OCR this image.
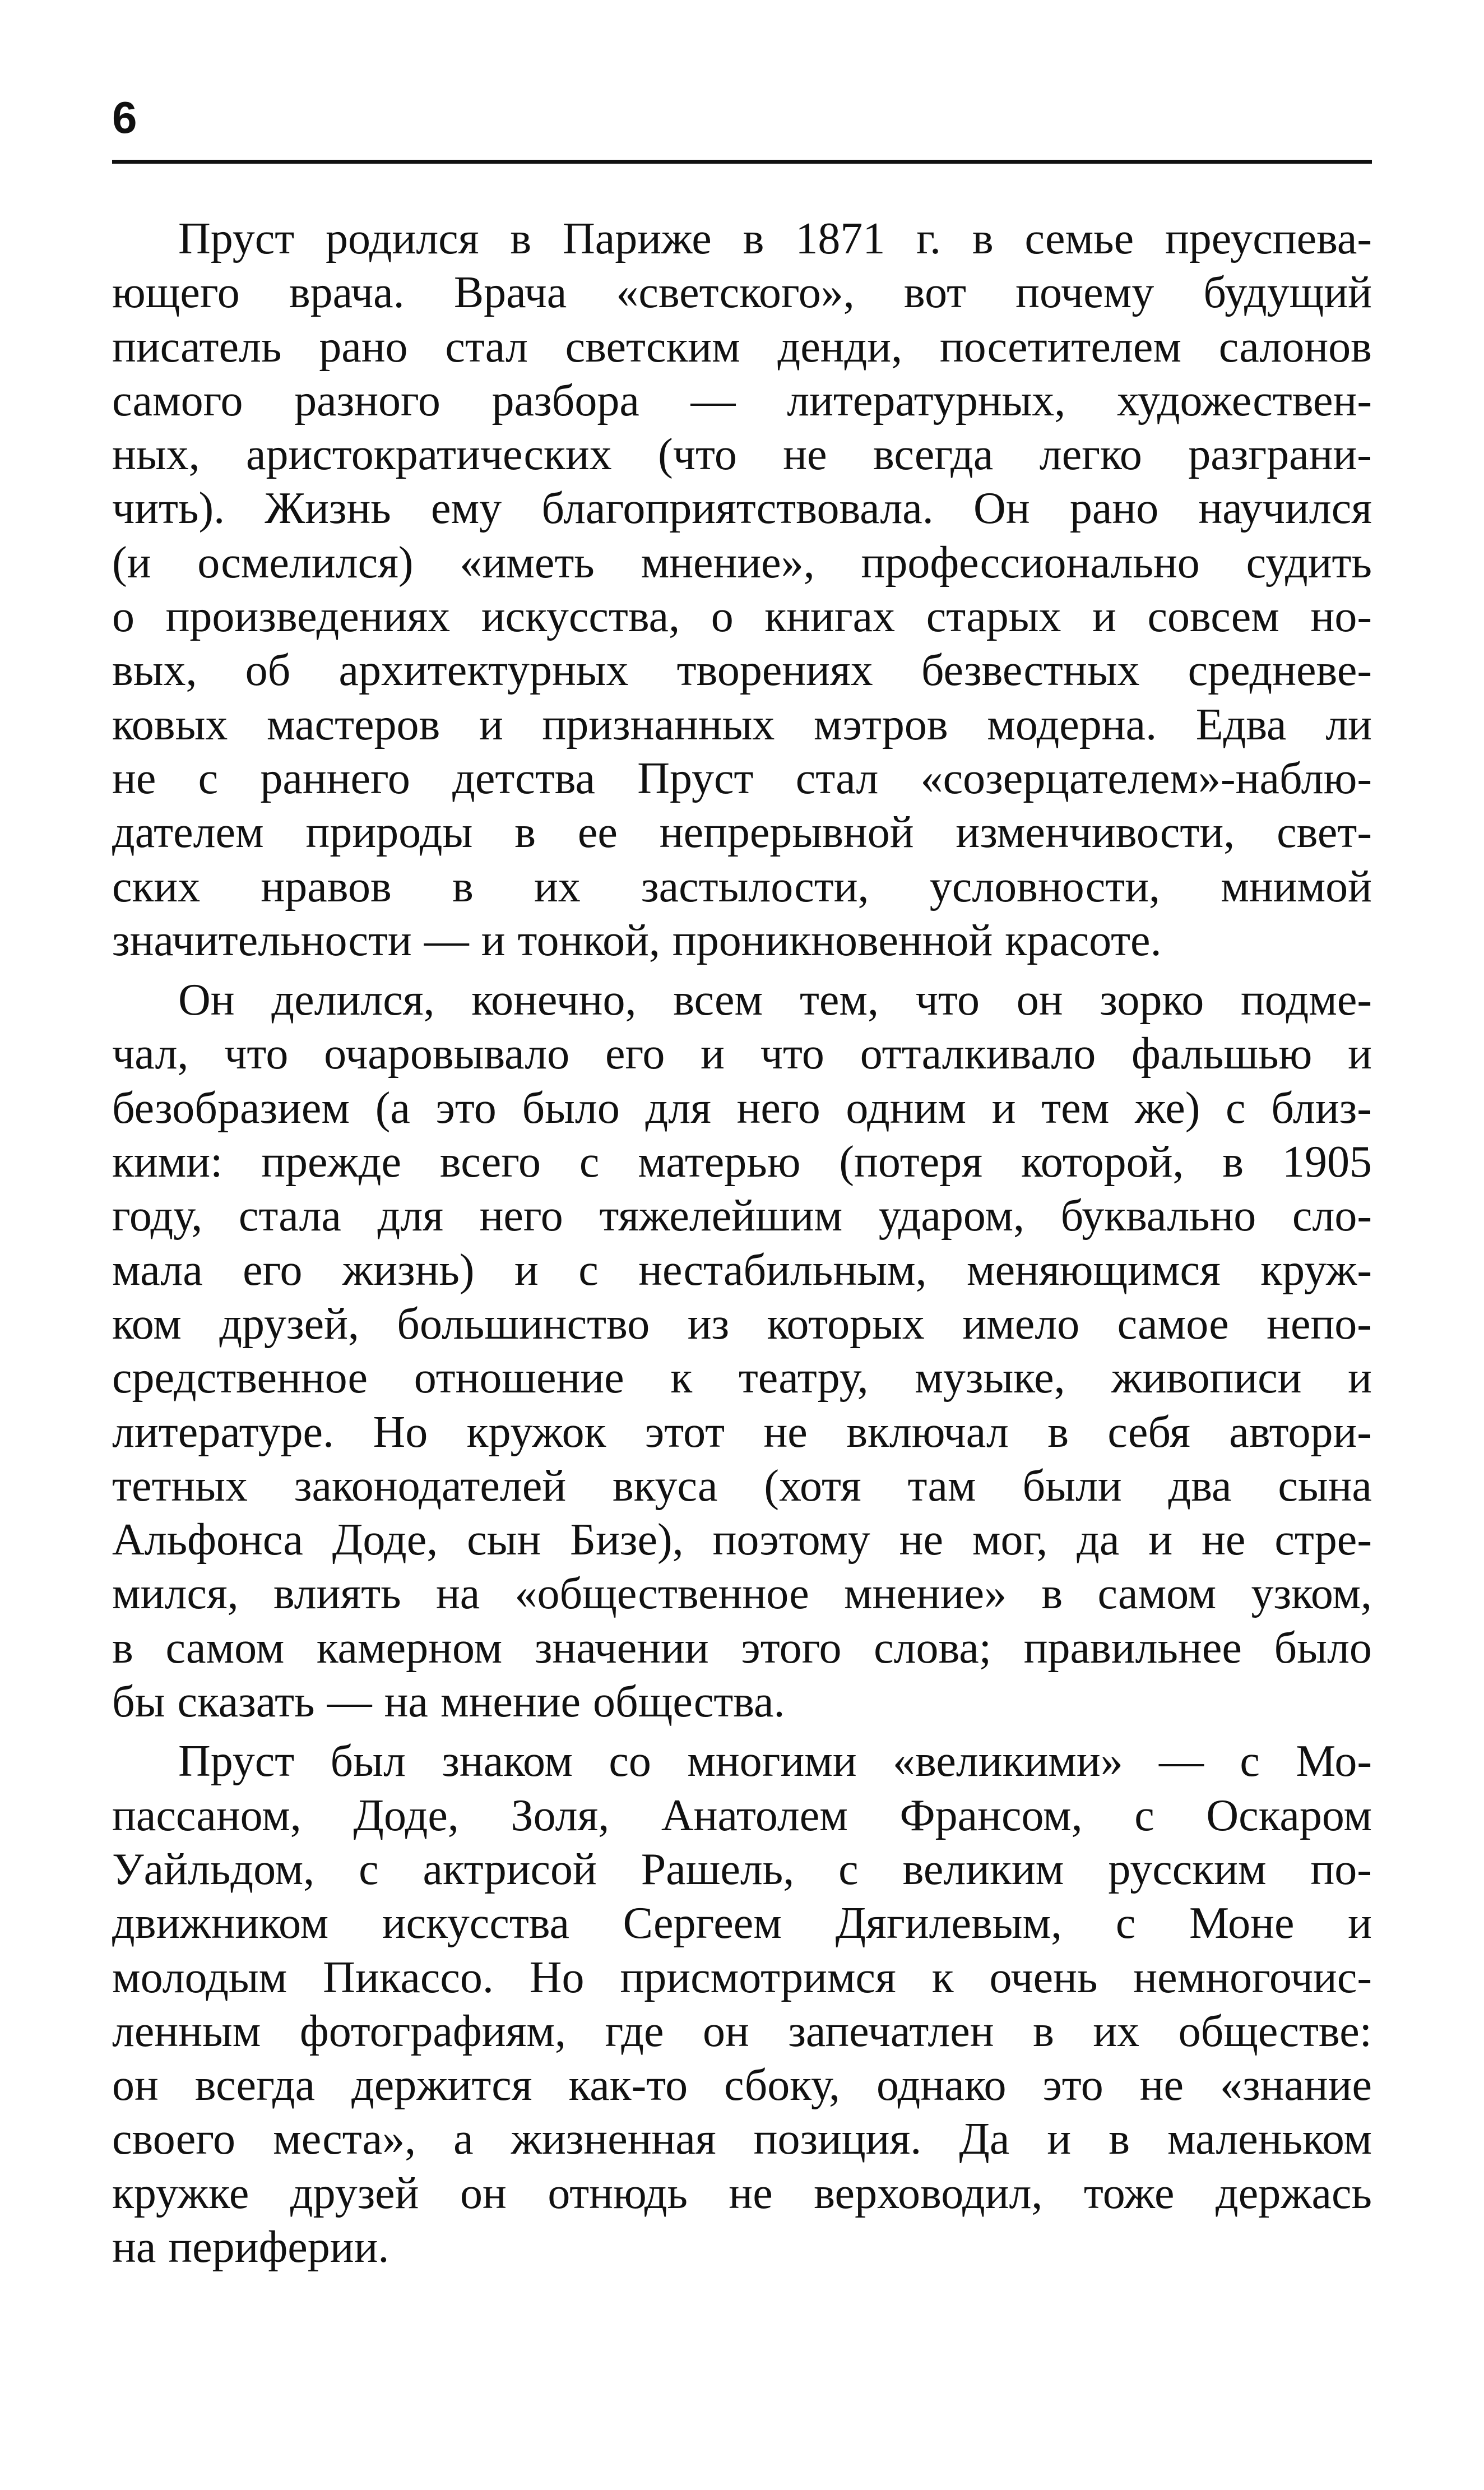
6
Пруст родился в Париже в 1871 г. в семье преуспева-
ющего врача. Врача «светского», вот почему будущий
писатель рано стал светским денди, посетителем салонов
самого разного разбора — литературных, художествен-
ных, аристократических (что не всегда легко разграни-
чить). Жизнь ему благоприятствовала. Он рано научился
(и осмелился) «иметь мнение», профессионально судить
о произведениях искусства, о книгах старых и совсем но-
вых, об архитектурных творениях безвестных средневе-
ковых мастеров и признанных мэтров модерна. Едва ли
не с раннего детства Пруст стал «созерцателем»-наблю-
дателем природы в ее непрерывной изменчивости, свет-
ских нравов в их застылости, условности, мнимой
значительности — и тонкой, проникновенной красоте.
Он делился, конечно, всем тем, что он зорко подме-
чал, что очаровывало его и что отталкивало фальшью и
безобразием (а это было для него одним и тем же) с близ-
кими: прежде всего с матерью (потеря которой, в 1905
году, стала для него тяжелейшим ударом, буквально сло-
мала его жизнь) и с нестабильным, меняющимся круж-
ком друзей, большинство из которых имело самое непо-
средственное отношение к театру, музыке, живописи и
литературе. Но кружок этот не включал в себя автори-
тетных законодателей вкуса (хотя там были два сына
Альфонса Доде, сын Бизе), поэтому не мог, да и не стре-
мился, влиять на «общественное мнение» в самом узком,
в самом камерном значении этого слова; правильнее было
бы сказать — на мнение общества.
Пруст был знаком со многими «великими» — с Мо-
пассаном, Доде, Золя, Анатолем Франсом, с Оскаром
Уайльдом, с актрисой Рашель, с великим русским по-
движником искусства Сергеем Дягилевым, с Моне и
молодым Пикассо. Но присмотримся к очень немногочис-
ленным фотографиям, где он запечатлен в их обществе:
он всегда держится как-то сбоку, однако это не «знание
своего места», а жизненная позиция. Да и в маленьком
кружке друзей он отнюдь не верховодил, тоже держась
на периферии.
